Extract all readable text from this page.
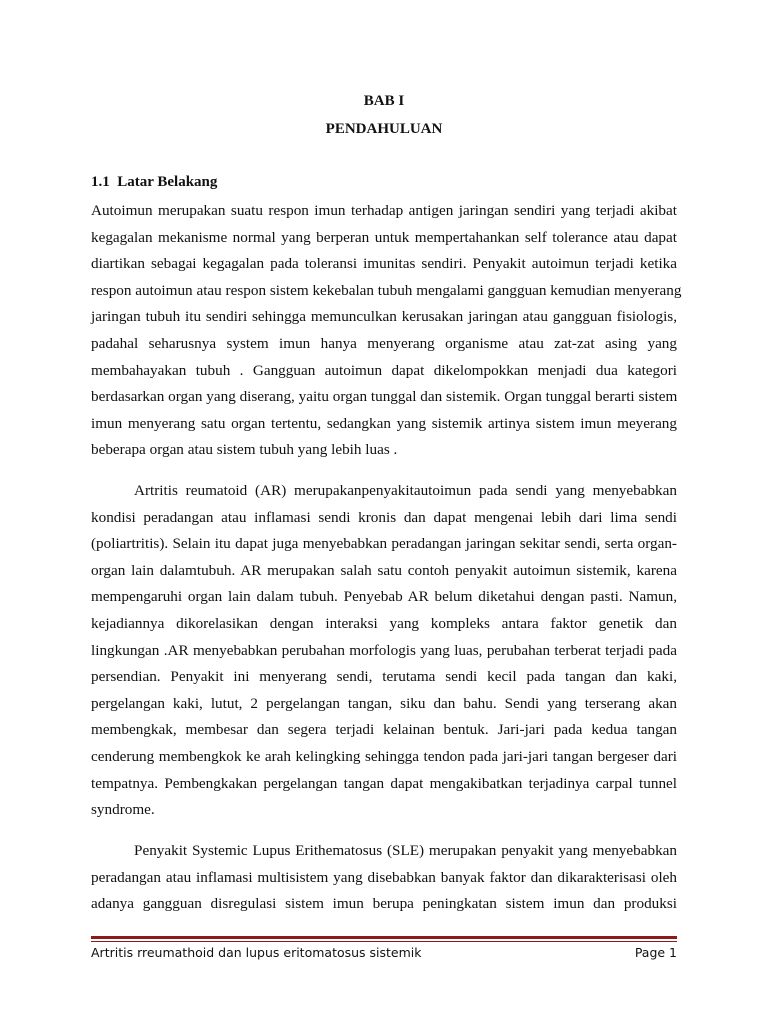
BAB I
PENDAHULUAN
1.1  Latar Belakang
Autoimun merupakan suatu respon imun terhadap antigen jaringan sendiri yang terjadi akibat
kegagalan mekanisme normal yang berperan untuk mempertahankan self tolerance atau dapat
diartikan sebagai kegagalan pada toleransi imunitas sendiri. Penyakit autoimun terjadi ketika
respon autoimun atau respon sistem kekebalan tubuh mengalami gangguan kemudian menyerang
jaringan tubuh itu sendiri sehingga memunculkan kerusakan jaringan atau gangguan fisiologis,
padahal seharusnya system imun hanya menyerang organisme atau zat-zat asing yang
membahayakan tubuh . Gangguan autoimun dapat dikelompokkan menjadi dua kategori
berdasarkan organ yang diserang, yaitu organ tunggal dan sistemik. Organ tunggal berarti sistem
imun menyerang satu organ tertentu, sedangkan yang sistemik artinya sistem imun meyerang
beberapa organ atau sistem tubuh yang lebih luas .
Artritis reumatoid (AR) merupakanpenyakitautoimun pada sendi yang menyebabkan
kondisi peradangan atau inflamasi sendi kronis dan dapat mengenai lebih dari lima sendi
(poliartritis). Selain itu dapat juga menyebabkan peradangan jaringan sekitar sendi, serta organ-
organ lain dalamtubuh. AR merupakan salah satu contoh penyakit autoimun sistemik, karena
mempengaruhi organ lain dalam tubuh. Penyebab AR belum diketahui dengan pasti. Namun,
kejadiannya dikorelasikan dengan interaksi yang kompleks antara faktor genetik dan
lingkungan .AR menyebabkan perubahan morfologis yang luas, perubahan terberat terjadi pada
persendian. Penyakit ini menyerang sendi, terutama sendi kecil pada tangan dan kaki,
pergelangan kaki, lutut, 2 pergelangan tangan, siku dan bahu. Sendi yang terserang akan
membengkak, membesar dan segera terjadi kelainan bentuk. Jari-jari pada kedua tangan
cenderung membengkok ke arah kelingking sehingga tendon pada jari-jari tangan bergeser dari
tempatnya. Pembengkakan pergelangan tangan dapat mengakibatkan terjadinya carpal tunnel
syndrome.
Penyakit Systemic Lupus Erithematosus (SLE) merupakan penyakit yang menyebabkan
peradangan atau inflamasi multisistem yang disebabkan banyak faktor dan dikarakterisasi oleh
adanya gangguan disregulasi sistem imun berupa peningkatan sistem imun dan produksi
Artritis rreumathoid dan lupus eritomatosus sistemik	Page 1
